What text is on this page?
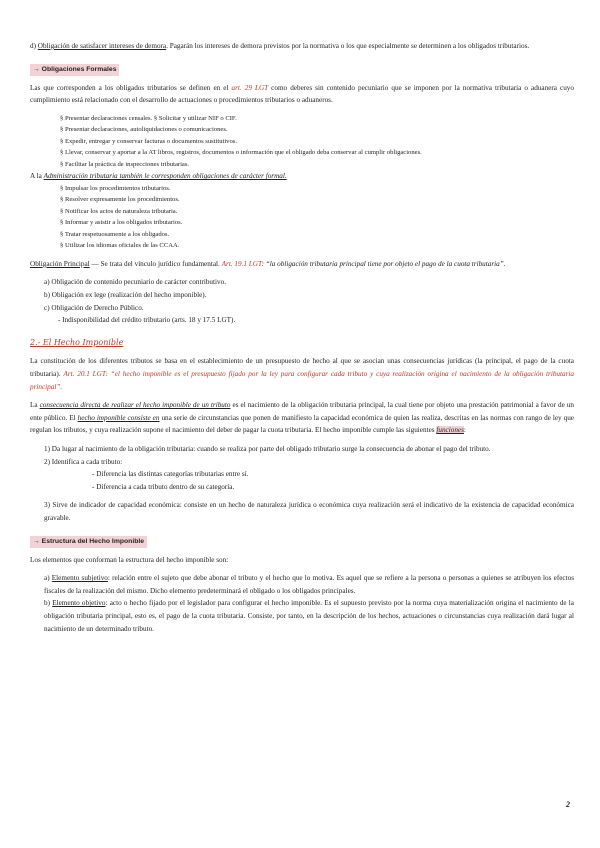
d) Obligación de satisfacer intereses de demora. Pagarán los intereses de demora previstos por la normativa o los que especialmente se determinen a los obligados tributarios.

→ Obligaciones Formales

Las que corresponden a los obligados tributarios se definen en el art. 29 LGT como deberes sin contenido pecuniario que se imponen por la normativa tributaria o aduanera cuyo cumplimiento está relacionado con el desarrollo de actuaciones o procedimientos tributarios o aduaneros.

§ Presentar declaraciones censales. § Solicitar y utilizar NIF o CIF.

§ Presentar declaraciones, autoliquidaciones o comunicaciones.

§ Expedir, entregar y conservar facturas o documentos sustitutivos.

§ Llevar, conservar y aportar a la AT libros, registros, documentos o información que el obligado deba conservar al cumplir obligaciones.

§ Facilitar la práctica de inspecciones tributarias.

A la Administración tributaria también le corresponden obligaciones de carácter formal.

§ Impulsar los procedimientos tributarios.

§ Resolver expresamente los procedimientos.

§ Notificar los actos de naturaleza tributaria.

§ Informar y asistir a los obligados tributarios.

§ Tratar respetuosamente a los obligados.

§ Utilizar los idiomas oficiales de las CCAA.

Obligación Principal — Se trata del vínculo jurídico fundamental. Art. 19.1 LGT: “la obligación tributaria principal tiene por objeto el pago de la cuota tributaria”.

a) Obligación de contenido pecuniario de carácter contributivo.

b) Obligación ex lege (realización del hecho imponible).

c) Obligación de Derecho Público.

- Indisponibilidad del crédito tributario (arts. 18 y 17.5 LGT).

2.- El Hecho Imponible

La constitución de los diferentes tributos se basa en el establecimiento de un presupuesto de hecho al que se asocian unas consecuencias jurídicas (la principal, el pago de la cuota tributaria). Art. 20.1 LGT: “el hecho imponible es el presupuesto fijado por la ley para configurar cada tributo y cuya realización origina el nacimiento de la obligación tributaria principal”.

La consecuencia directa de realizar el hecho imponible de un tributo es el nacimiento de la obligación tributaria principal, la cual tiene por objeto una prestación patrimonial a favor de un ente público. El hecho imponible consiste en una serie de circunstancias que ponen de manifiesto la capacidad económica de quien las realiza, descritas en las normas con rango de ley que regulan los tributos, y cuya realización supone el nacimiento del deber de pagar la cuota tributaria. El hecho imponible cumple las siguientes funciones:

1) Da lugar al nacimiento de la obligación tributaria: cuando se realiza por parte del obligado tributario surge la consecuencia de abonar el pago del tributo.

2) Identifica a cada tributo:

- Diferencia las distintas categorías tributarias entre sí.

- Diferencia a cada tributo dentro de su categoría.

3) Sirve de indicador de capacidad económica: consiste en un hecho de naturaleza jurídica o económica cuya realización será el indicativo de la existencia de capacidad económica gravable.

→ Estructura del Hecho Imponible

Los elementos que conforman la estructura del hecho imponible son:

a) Elemento subjetivo: relación entre el sujeto que debe abonar el tributo y el hecho que lo motiva. Es aquel que se refiere a la persona o personas a quienes se atribuyen los efectos fiscales de la realización del mismo. Dicho elemento predeterminará el obligado o los obligados principales.

b) Elemento objetivo: acto o hecho fijado por el legislador para configurar el hecho imponible. Es el supuesto previsto por la norma cuya materialización origina el nacimiento de la obligación tributaria principal, esto es, el pago de la cuota tributaria. Consiste, por tanto, en la descripción de los hechos, actuaciones o circunstancias cuya realización dará lugar al nacimiento de un determinado tributo.

2
